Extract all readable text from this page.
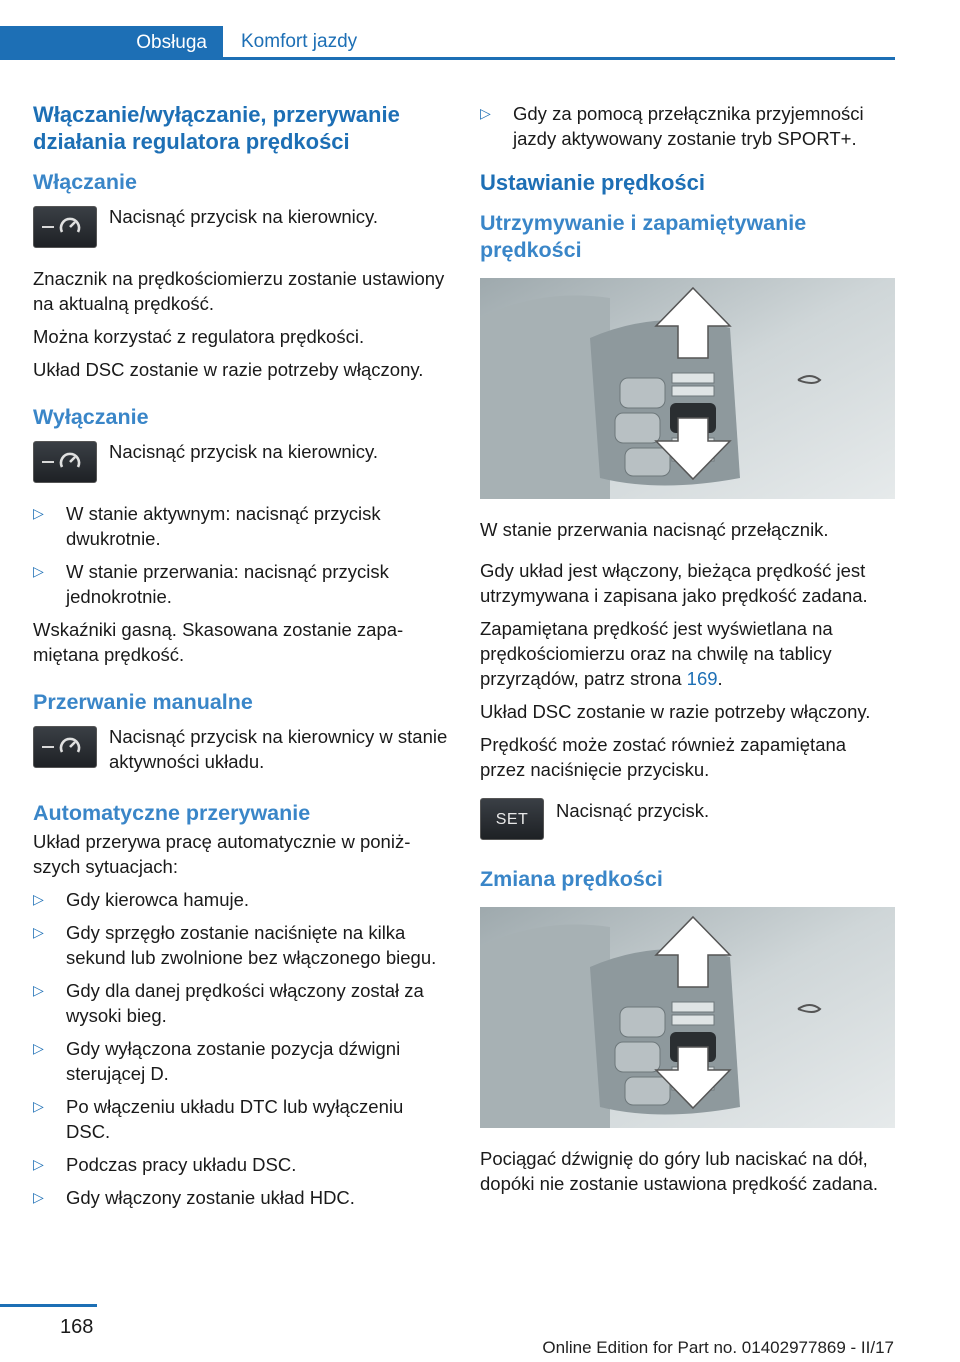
Obsługa	Komfort jazdy
Włączanie/wyłączanie, przerywanie działania regulatora prędkości
Włączanie
Nacisnąć przycisk na kierownicy.

Znacznik na prędkościomierzu zostanie ustawiony na aktualną prędkość.

Można korzystać z regulatora prędkości.

Układ DSC zostanie w razie potrzeby włączony.

Wyłączanie
Nacisnąć przycisk na kierownicy.
▷ W stanie aktywnym: nacisnąć przycisk dwukrotnie.
▷ W stanie przerwania: nacisnąć przycisk jednokrotnie.

Wskaźniki gasną. Skasowana zostanie zapamiętana prędkość.

Przerwanie manualne
Nacisnąć przycisk na kierownicy w stanie aktywności układu.
Automatyczne przerywanie

Układ przerywa pracę automatycznie w poniższych sytuacjach:

▷ Gdy kierowca hamuje.
▷ Gdy sprzęgło zostanie naciśnięte na kilka sekund lub zwolnione bez włączonego biegu.
▷ Gdy dla danej prędkości włączony został za wysoki bieg.
▷ Gdy wyłączona zostanie pozycja dźwigni sterującej D.
▷ Po włączeniu układu DTC lub wyłączeniu DSC.
▷ Podczas pracy układu DSC.
▷ Gdy włączony zostanie układ HDC.
▷ Gdy za pomocą przełącznika przyjemności jazdy aktywowany zostanie tryb SPORT+.
Ustawianie prędkości
Utrzymywanie i zapamiętywanie prędkości

W stanie przerwania nacisnąć przełącznik.

Gdy układ jest włączony, bieżąca prędkość jest utrzymywana i zapisana jako prędkość zadana.

Zapamiętana prędkość jest wyświetlana na prędkościomierzu oraz na chwilę na tablicy przyrządów, patrz strona 169.

Układ DSC zostanie w razie potrzeby włączony.

Prędkość może zostać również zapamiętana przez naciśnięcie przycisku.

SET	Nacisnąć przycisk.
Zmiana prędkości

Pociągać dźwignię do góry lub naciskać na dół, dopóki nie zostanie ustawiona prędkość zadana.

168
Online Edition for Part no. 01402977869 - II/17
